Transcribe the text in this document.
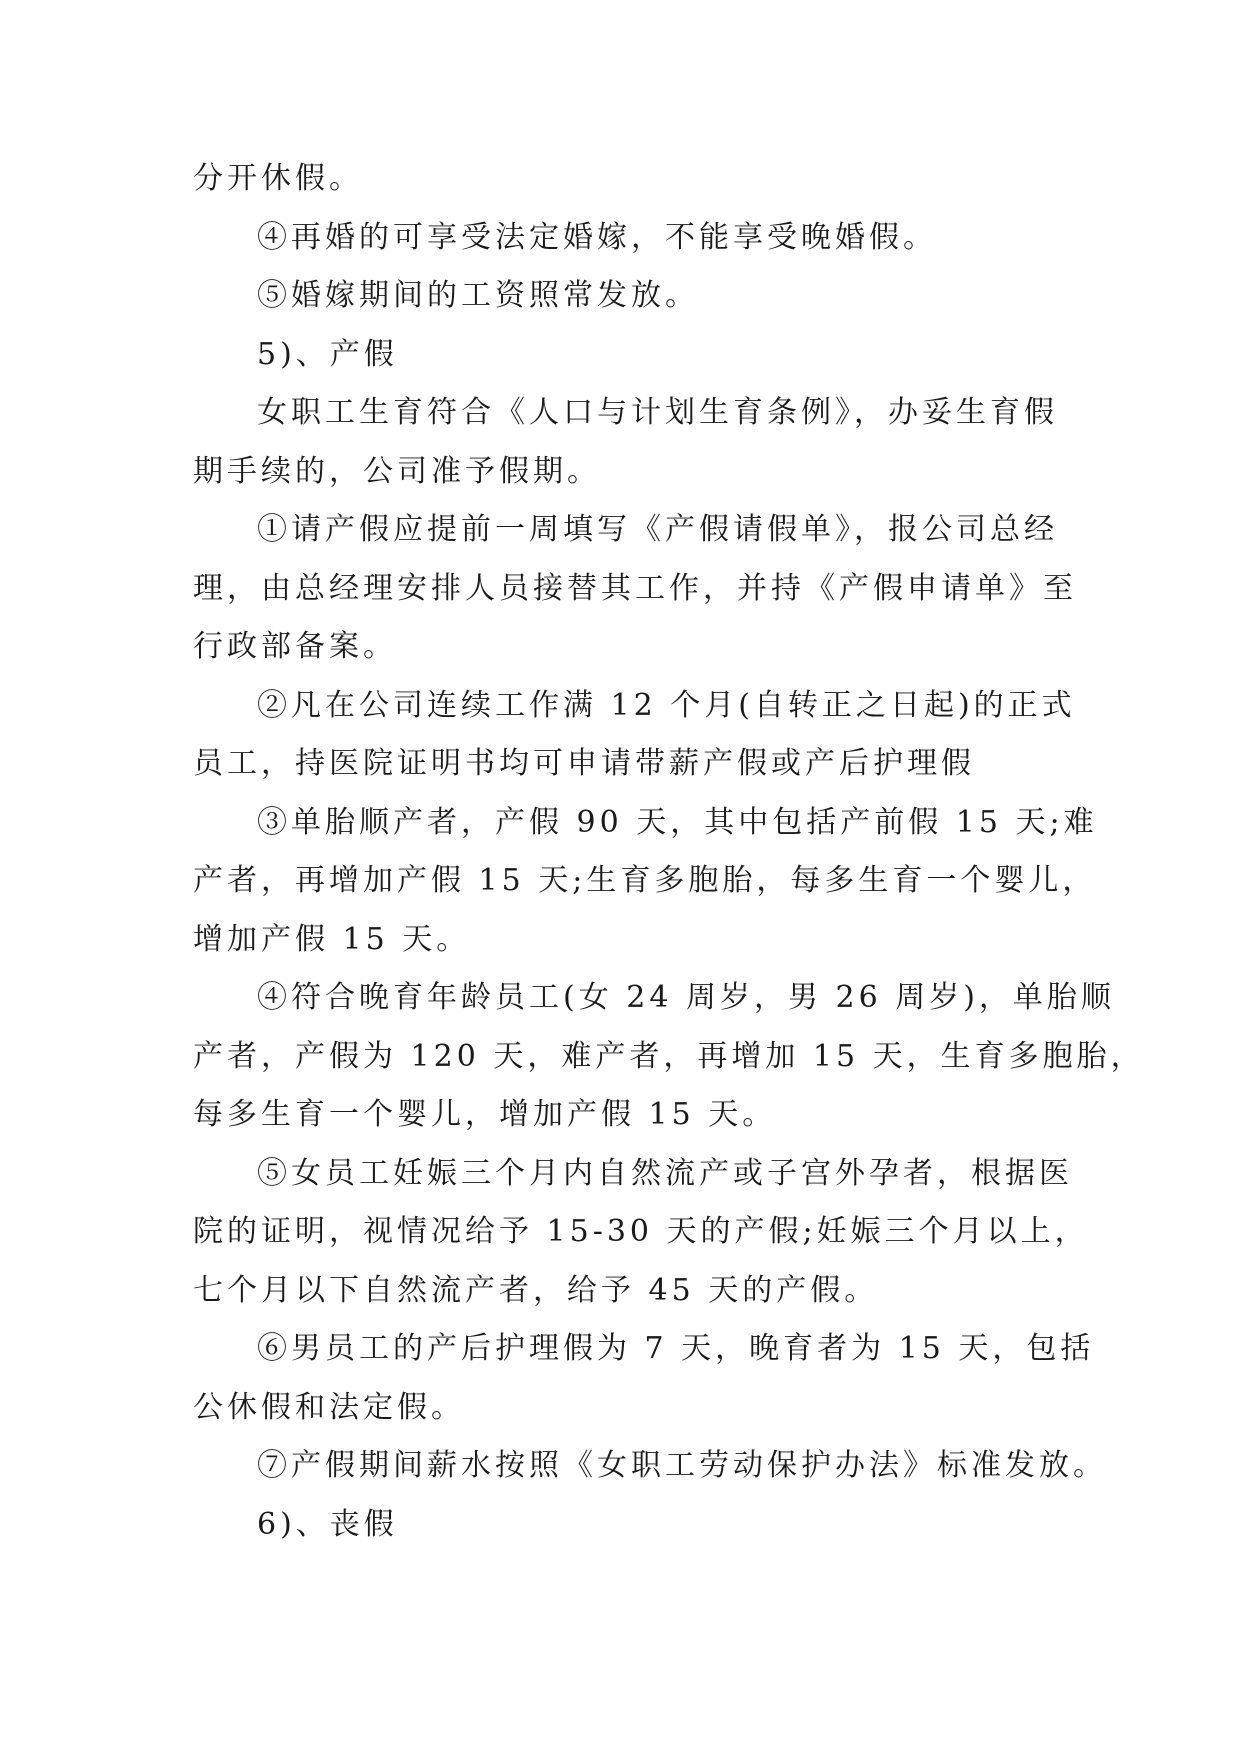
分开休假。

④再婚的可享受法定婚嫁，不能享受晚婚假。

⑤婚嫁期间的工资照常发放。

5)、产假

女职工生育符合《人口与计划生育条例》，办妥生育假

期手续的，公司准予假期。

①请产假应提前一周填写《产假请假单》，报公司总经

理，由总经理安排人员接替其工作，并持《产假申请单》至

行政部备案。

②凡在公司连续工作满 12 个月(自转正之日起)的正式

员工，持医院证明书均可申请带薪产假或产后护理假

③单胎顺产者，产假 90 天，其中包括产前假 15 天;难

产者，再增加产假 15 天;生育多胞胎，每多生育一个婴儿，

增加产假 15 天。

④符合晚育年龄员工(女 24 周岁，男 26 周岁)，单胎顺

产者，产假为 120 天，难产者，再增加 15 天，生育多胞胎，

每多生育一个婴儿，增加产假 15 天。

⑤女员工妊娠三个月内自然流产或子宫外孕者，根据医

院的证明，视情况给予 15-30 天的产假;妊娠三个月以上，

七个月以下自然流产者，给予 45 天的产假。

⑥男员工的产后护理假为 7 天，晚育者为 15 天，包括

公休假和法定假。

⑦产假期间薪水按照《女职工劳动保护办法》标准发放。

6)、丧假
